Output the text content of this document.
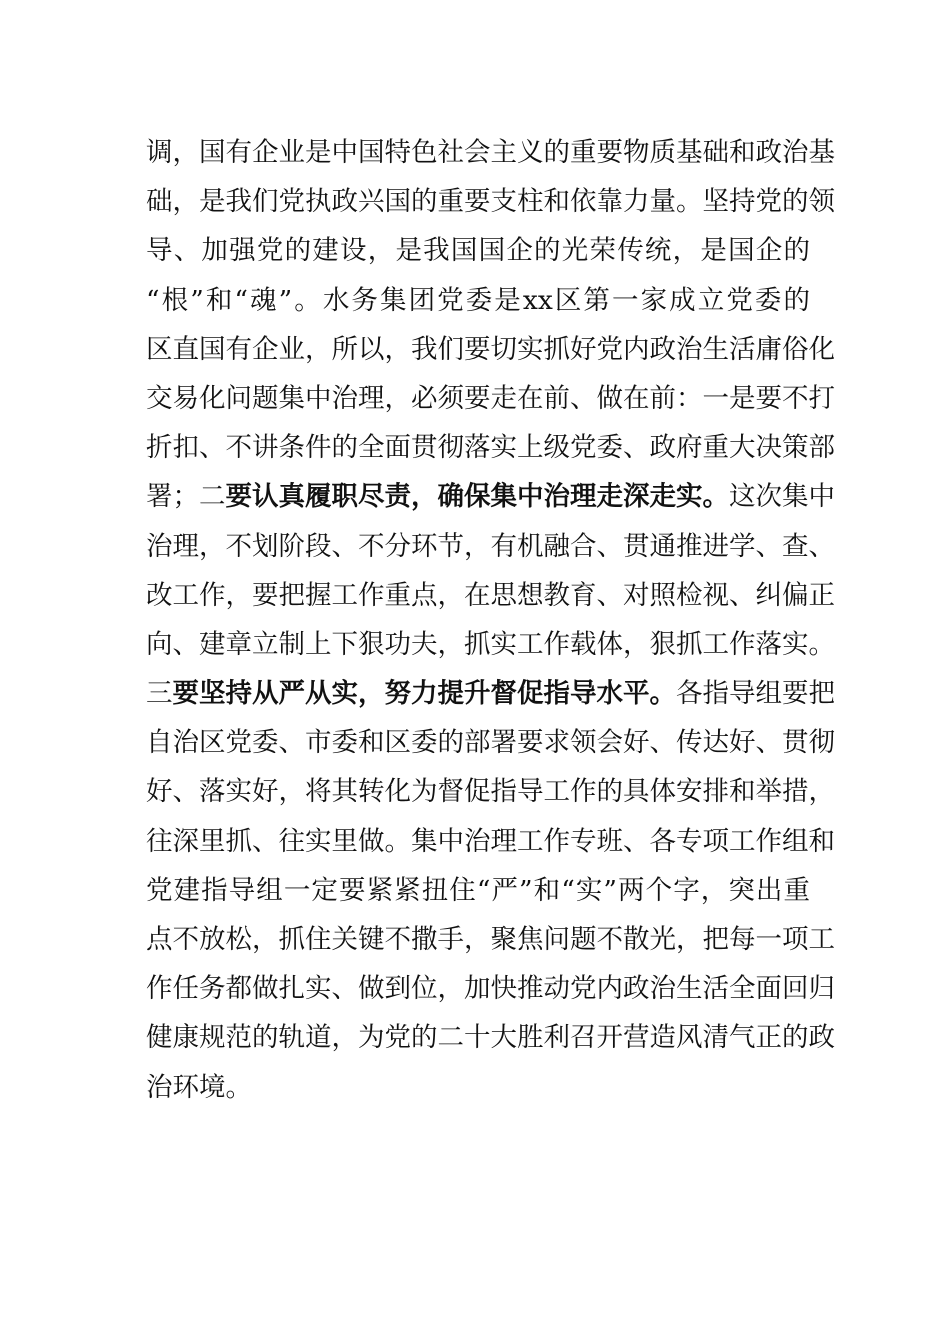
调，国有企业是中国特色社会主义的重要物质基础和政治基
础，是我们党执政兴国的重要支柱和依靠力量。坚持党的领
导、加强党的建设，是我国国企的光荣传统，是国企的
“根”和“魂”。水务集团党委是xx区第一家成立党委的
区直国有企业，所以，我们要切实抓好党内政治生活庸俗化
交易化问题集中治理，必须要走在前、做在前：一是要不打
折扣、不讲条件的全面贯彻落实上级党委、政府重大决策部
署；二要认真履职尽责，确保集中治理走深走实。这次集中
治理，不划阶段、不分环节，有机融合、贯通推进学、查、
改工作，要把握工作重点，在思想教育、对照检视、纠偏正
向、建章立制上下狠功夫，抓实工作载体，狠抓工作落实。
三要坚持从严从实，努力提升督促指导水平。各指导组要把
自治区党委、市委和区委的部署要求领会好、传达好、贯彻
好、落实好，将其转化为督促指导工作的具体安排和举措，
往深里抓、往实里做。集中治理工作专班、各专项工作组和
党建指导组一定要紧紧扭住“严”和“实”两个字，突出重
点不放松，抓住关键不撒手，聚焦问题不散光，把每一项工
作任务都做扎实、做到位，加快推动党内政治生活全面回归
健康规范的轨道，为党的二十大胜利召开营造风清气正的政
治环境。
